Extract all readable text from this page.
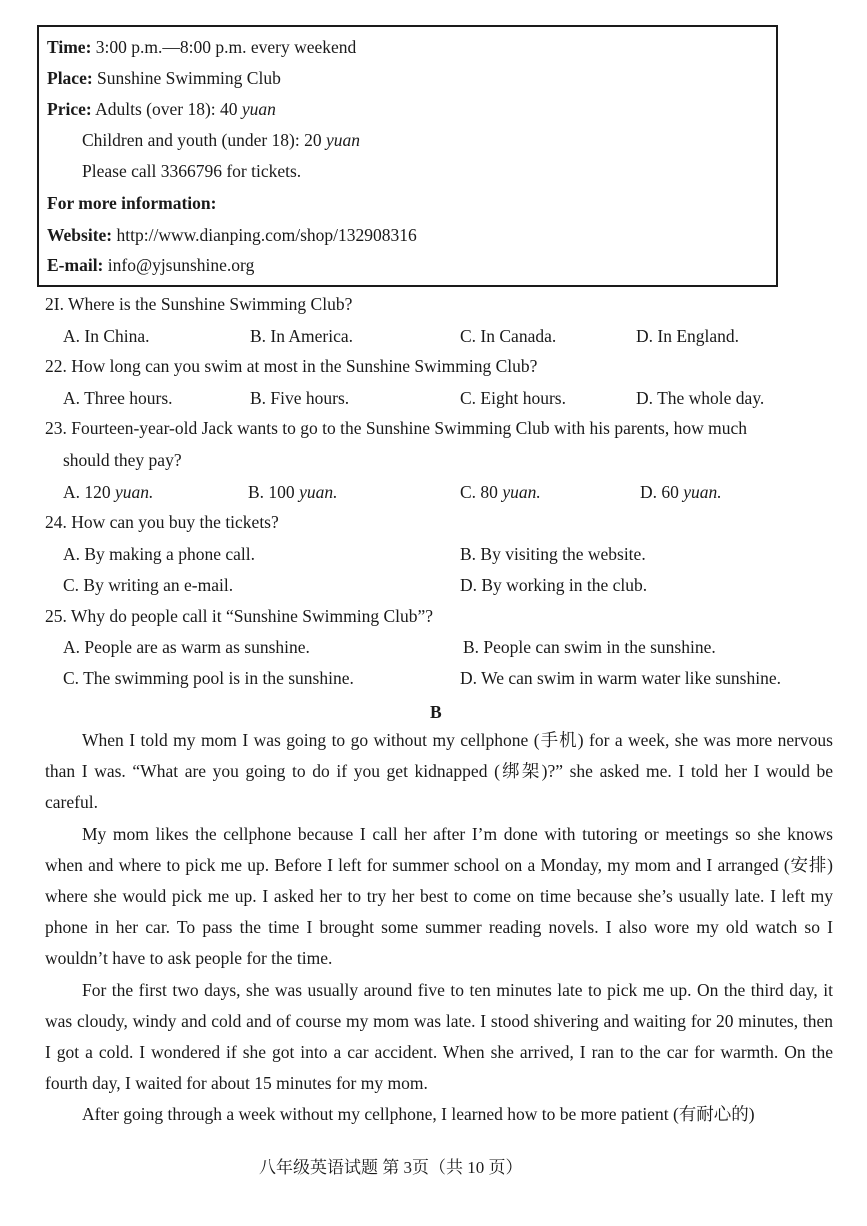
Time: 3:00 p.m.—8:00 p.m. every weekend
Place: Sunshine Swimming Club
Price: Adults (over 18): 40 yuan
Children and youth (under 18): 20 yuan
Please call 3366796 for tickets.
For more information:
Website: http://www.dianping.com/shop/132908316
E-mail: info@yjsunshine.org
2I. Where is the Sunshine Swimming Club?
A. In China.	B. In America.	C. In Canada.	D. In England.
22. How long can you swim at most in the Sunshine Swimming Club?
A. Three hours.	B. Five hours.	C. Eight hours.	D. The whole day.
23. Fourteen-year-old Jack wants to go to the Sunshine Swimming Club with his parents, how much
should they pay?
A. 120 yuan.	B. 100 yuan.	C. 80 yuan.	D. 60 yuan.
24. How can you buy the tickets?
A. By making a phone call.	B. By visiting the website.
C. By writing an e-mail.	D. By working in the club.
25. Why do people call it “Sunshine Swimming Club”?
A. People are as warm as sunshine.	B. People can swim in the sunshine.
C. The swimming pool is in the sunshine.	D. We can swim in warm water like sunshine.
B

When I told my mom I was going to go without my cellphone (手机) for a week, she was more nervous than I was. “What are you going to do if you get kidnapped (绑架)?” she asked me. I told her I would be careful.

My mom likes the cellphone because I call her after I’m done with tutoring or meetings so she knows when and where to pick me up. Before I left for summer school on a Monday, my mom and I arranged (安排) where she would pick me up. I asked her to try her best to come on time because she’s usually late. I left my phone in her car. To pass the time I brought some summer reading novels. I also wore my old watch so I wouldn’t have to ask people for the time.

For the first two days, she was usually around five to ten minutes late to pick me up. On the third day, it was cloudy, windy and cold and of course my mom was late. I stood shivering and waiting for 20 minutes, then I got a cold. I wondered if she got into a car accident. When she arrived, I ran to the car for warmth. On the fourth day, I waited for about 15 minutes for my mom.

After going through a week without my cellphone, I learned how to be more patient (有耐心的)

八年级英语试题 第 3页（共 10 页）
